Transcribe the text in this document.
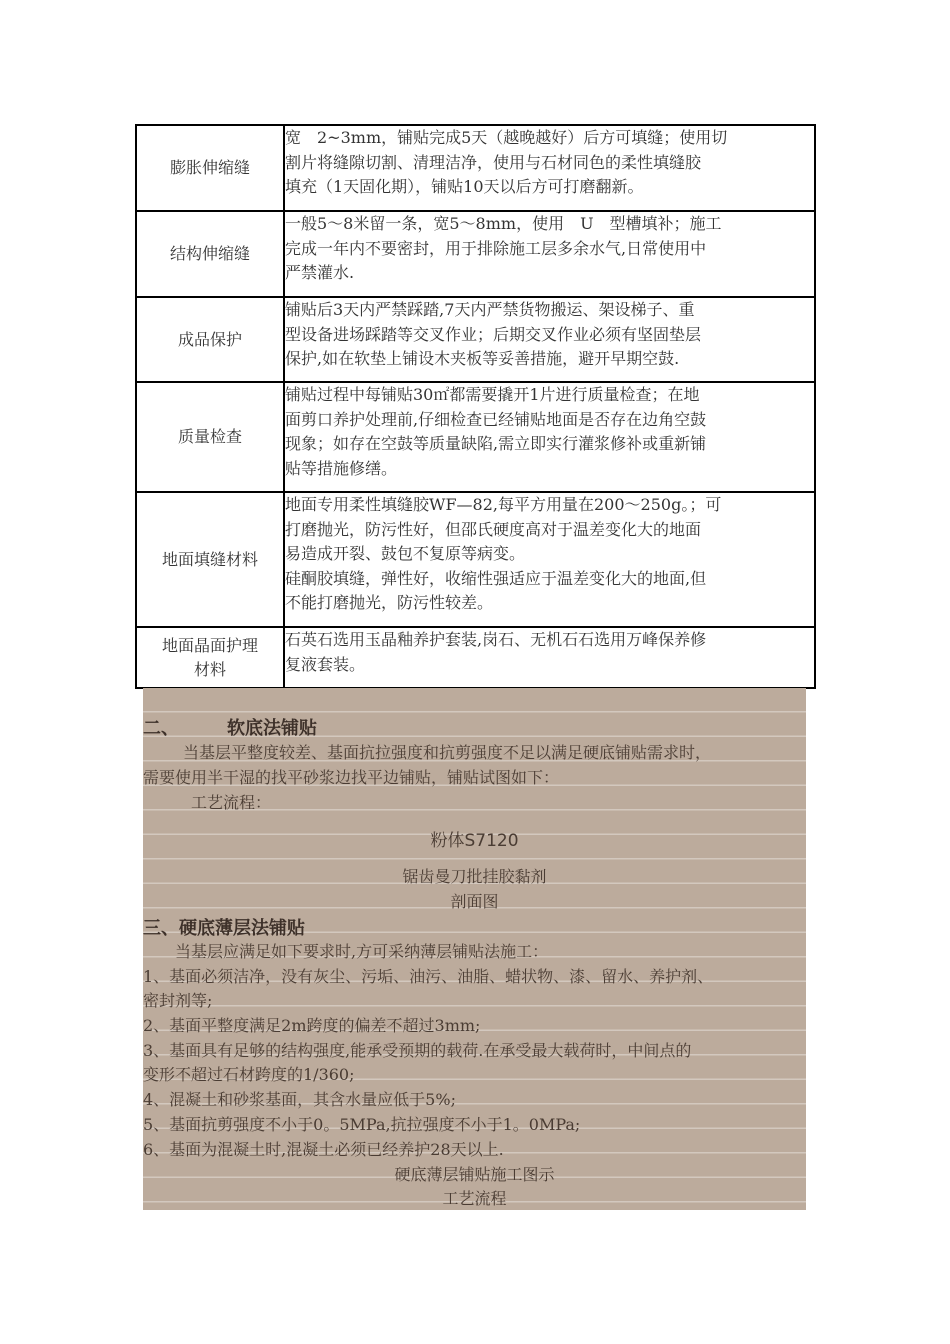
膨胀伸缩缝	宽　2~3mm，铺贴完成5天（越晚越好）后方可填缝；使用切
割片将缝隙切割、清理洁净，使用与石材同色的柔性填缝胶
填充（1天固化期），铺贴10天以后方可打磨翻新。
结构伸缩缝	一般5～8米留一条，宽5～8mm，使用　U　型槽填补；施工
完成一年内不要密封，用于排除施工层多余水气,日常使用中
严禁灌水.
成品保护	铺贴后3天内严禁踩踏,7天内严禁货物搬运、架设梯子、重
型设备进场踩踏等交叉作业；后期交叉作业必须有坚固垫层
保护,如在软垫上铺设木夹板等妥善措施，避开早期空鼓.
质量检查	铺贴过程中每铺贴30㎡都需要撬开1片进行质量检查；在地
面剪口养护处理前,仔细检查已经铺贴地面是否存在边角空鼓
现象；如存在空鼓等质量缺陷,需立即实行灌浆修补或重新铺
贴等措施修缮。
地面填缝材料	地面专用柔性填缝胶WF—82,每平方用量在200～250g。；可
打磨抛光，防污性好，但邵氏硬度高对于温差变化大的地面
易造成开裂、鼓包不复原等病变。
硅酮胶填缝，弹性好，收缩性强适应于温差变化大的地面,但
不能打磨抛光，防污性较差。
地面晶面护理
材料	石英石选用玉晶釉养护套装,岗石、无机石石选用万峰保养修
复液套装。
二、	软底法铺贴
当基层平整度较差、基面抗拉强度和抗剪强度不足以满足硬底铺贴需求时，
需要使用半干湿的找平砂浆边找平边铺贴，铺贴试图如下：
工艺流程：
粉体S7120
锯齿曼刀批挂胶黏剂
剖面图
三、硬底薄层法铺贴
当基层应满足如下要求时,方可采纳薄层铺贴法施工：
1、基面必须洁净，没有灰尘、污垢、油污、油脂、蜡状物、漆、留水、养护剂、
密封剂等;
2、基面平整度满足2m跨度的偏差不超过3mm;
3、基面具有足够的结构强度,能承受预期的载荷.在承受最大载荷时，中间点的
变形不超过石材跨度的1/360;
4、混凝土和砂浆基面，其含水量应低于5%;
5、基面抗剪强度不小于0。5MPa,抗拉强度不小于1。0MPa;
6、基面为混凝土时,混凝土必须已经养护28天以上.
硬底薄层铺贴施工图示
工艺流程
